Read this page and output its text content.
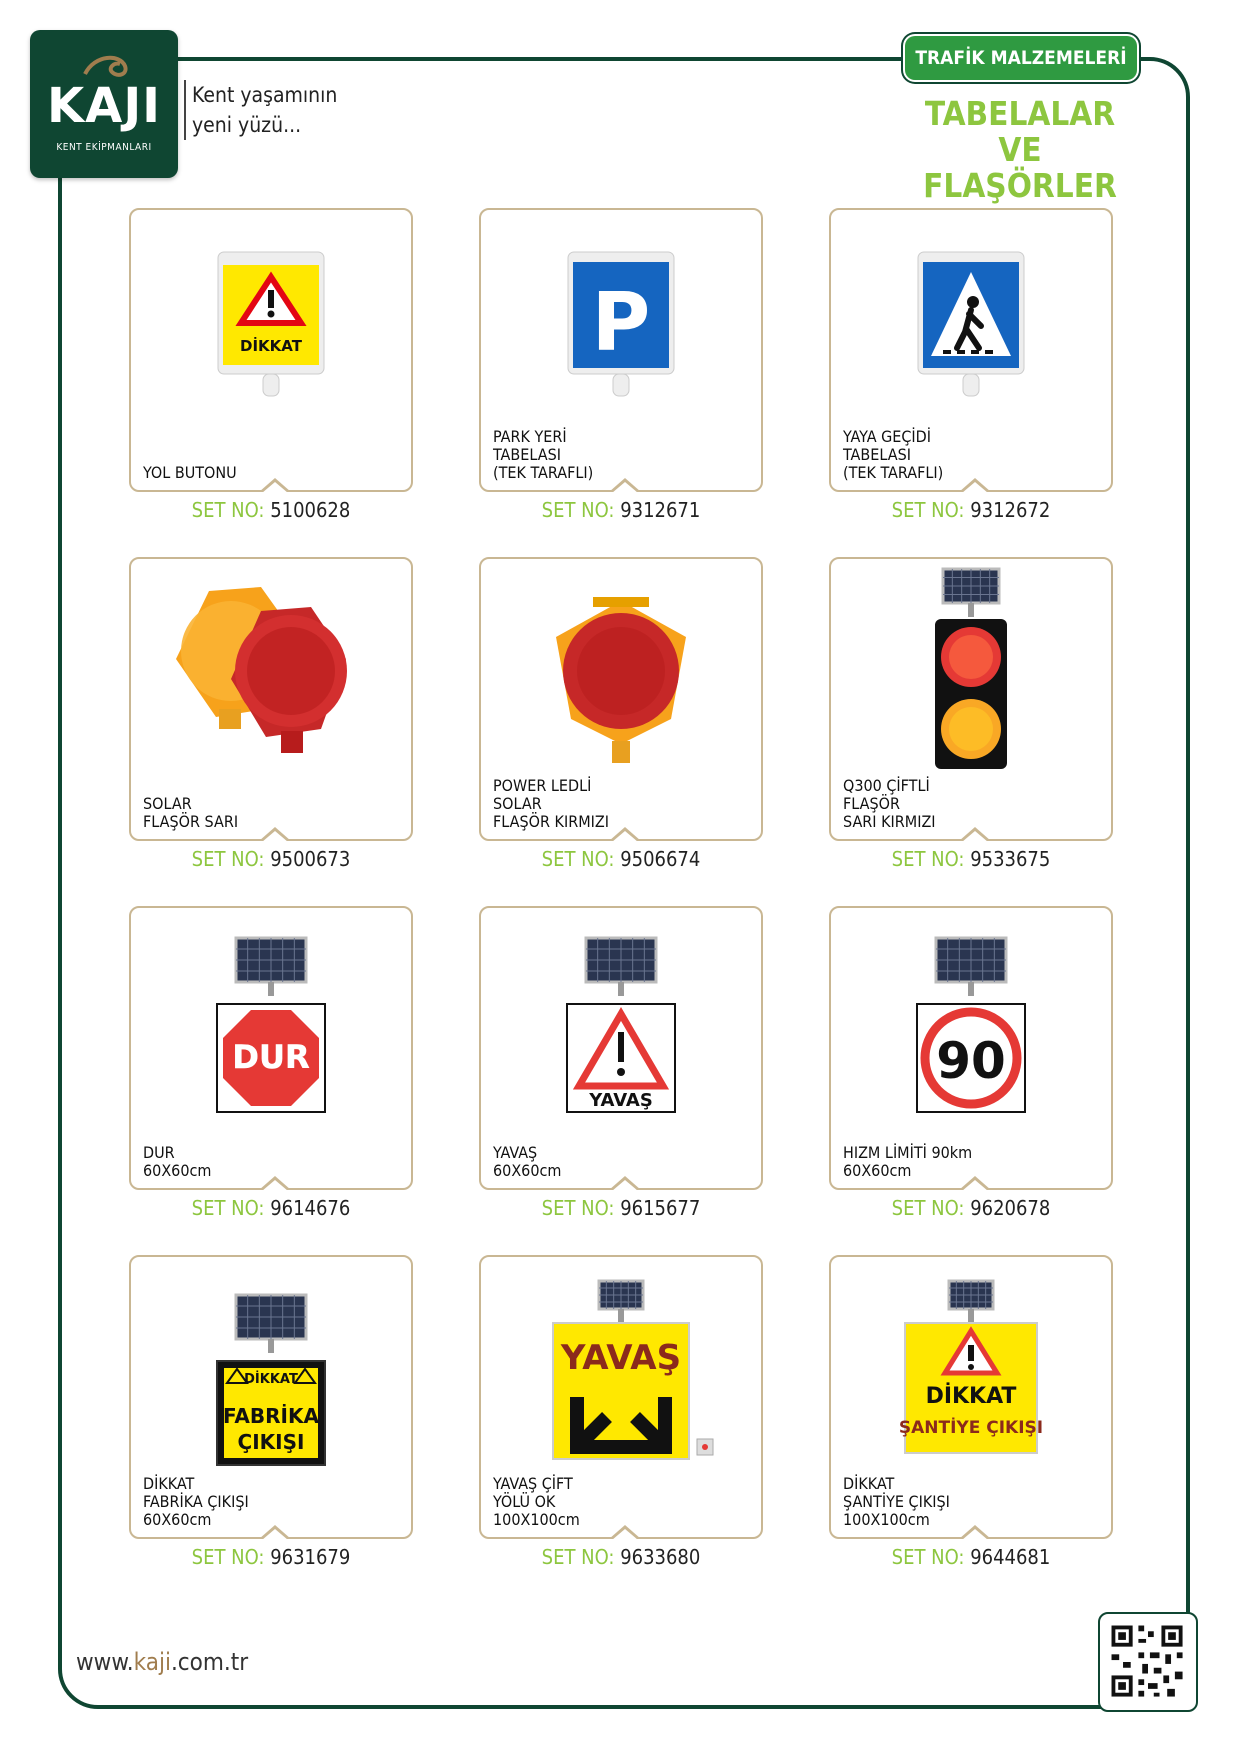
KAJI
KENT EKİPMANLARI
Kent yaşamının
yeni yüzü...
TRAFİK MALZEMELERİ
TABELALAR VE
FLAŞÖRLER
DİKKAT
YOL BUTONU
SET NO: 5100628
P
PARK YERİ
TABELASI
(TEK TARAFLI)
SET NO: 9312671
YAYA GEÇİDİ
TABELASI
(TEK TARAFLI)
SET NO: 9312672
SOLAR
FLAŞÖR SARI
SET NO: 9500673
POWER LEDLİ
SOLAR
FLAŞÖR KIRMIZI
SET NO: 9506674
Q300 ÇİFTLİ
FLAŞÖR
SARI KIRMIZI
SET NO: 9533675
DUR
DUR
60X60cm
SET NO: 9614676
YAVAŞ
YAVAŞ
60X60cm
SET NO: 9615677
90
HIZM LİMİTİ 90km
60X60cm
SET NO: 9620678
DİKKAT
FABRİKA
ÇIKIŞI
DİKKAT
FABRİKA ÇIKIŞI
60X60cm
SET NO: 9631679
YAVAŞ
YAVAŞ ÇİFT
YÖLÜ OK
100X100cm
SET NO: 9633680
DİKKAT
ŞANTİYE ÇIKIŞI
DİKKAT
ŞANTİYE ÇIKIŞI
100X100cm
SET NO: 9644681
www.kaji.com.tr
